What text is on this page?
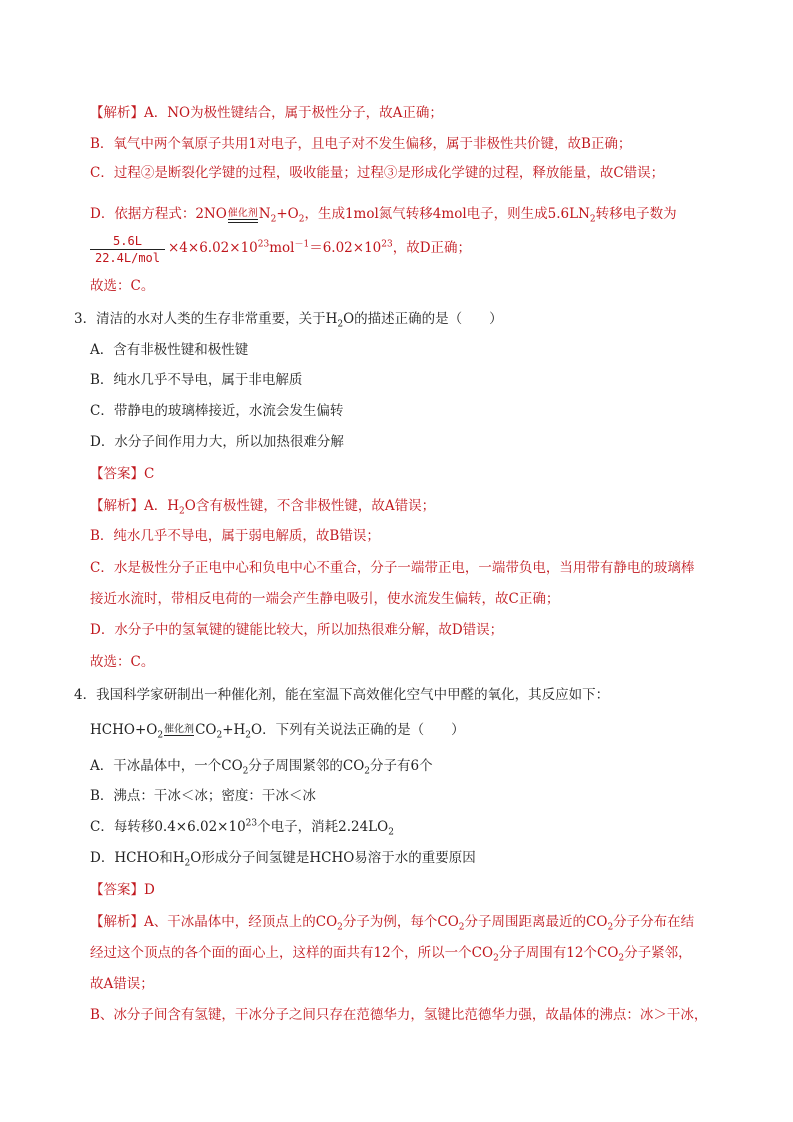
【解析】A．NO为极性键结合，属于极性分子，故A正确；
B．氧气中两个氧原子共用1对电子，且电子对不发生偏移，属于非极性共价键，故B正确；
C．过程②是断裂化学键的过程，吸收能量；过程③是形成化学键的过程，释放能量，故C错误；
D．依据方程式：2NO 催化剂 $N_2+O_2$，生成1mol氮气转移4mol电子，则生成$5.6LN_2$转移电子数为
5.6L
22.4L/mol
$\times 4\times 6.02\times 10^{23}mol^{-1}=6.02\times 10^{23}$，故D正确；
故选：C。
3．清洁的水对人类的生存非常重要，关于$H_2O$的描述正确的是（　　）
A．含有非极性键和极性键
B．纯水几乎不导电，属于非电解质
C．带静电的玻璃棒接近，水流会发生偏转
D．水分子间作用力大，所以加热很难分解
【答案】C
【解析】A．$H_2O$含有极性键，不含非极性键，故A错误；
B．纯水几乎不导电，属于弱电解质，故B错误；
C．水是极性分子正电中心和负电中心不重合，分子一端带正电，一端带负电，当用带有静电的玻璃棒
接近水流时，带相反电荷的一端会产生静电吸引，使水流发生偏转，故C正确；
D．水分子中的氢氧键的键能比较大，所以加热很难分解，故D错误；
故选：C。
4．我国科学家研制出一种催化剂，能在室温下高效催化空气中甲醛的氧化，其反应如下：
$HCHO+O_2$
催化剂 $CO_2+H_2O$．下列有关说法正确的是（　　）
A．干冰晶体中，一个$CO_2$分子周围紧邻的$CO_2$分子有6个
B．沸点：干冰＜冰；密度：干冰＜冰
C．每转移$0.4\times 6.02\times 10^{23}$个电子，消耗$2.24LO_2$
D．HCHO和$H_2O$形成分子间氢键是HCHO易溶于水的重要原因
【答案】D
【解析】A、干冰晶体中，经顶点上的$CO_2$分子为例，每个$CO_2$分子周围距离最近的$CO_2$分子分布在结
经过这个顶点的各个面的面心上，这样的面共有12个，所以一个$CO_2$分子周围有12个$CO_2$分子紧邻，
故A错误；
B、冰分子间含有氢键，干冰分子之间只存在范德华力，氢键比范德华力强，故晶体的沸点：冰＞干冰，
